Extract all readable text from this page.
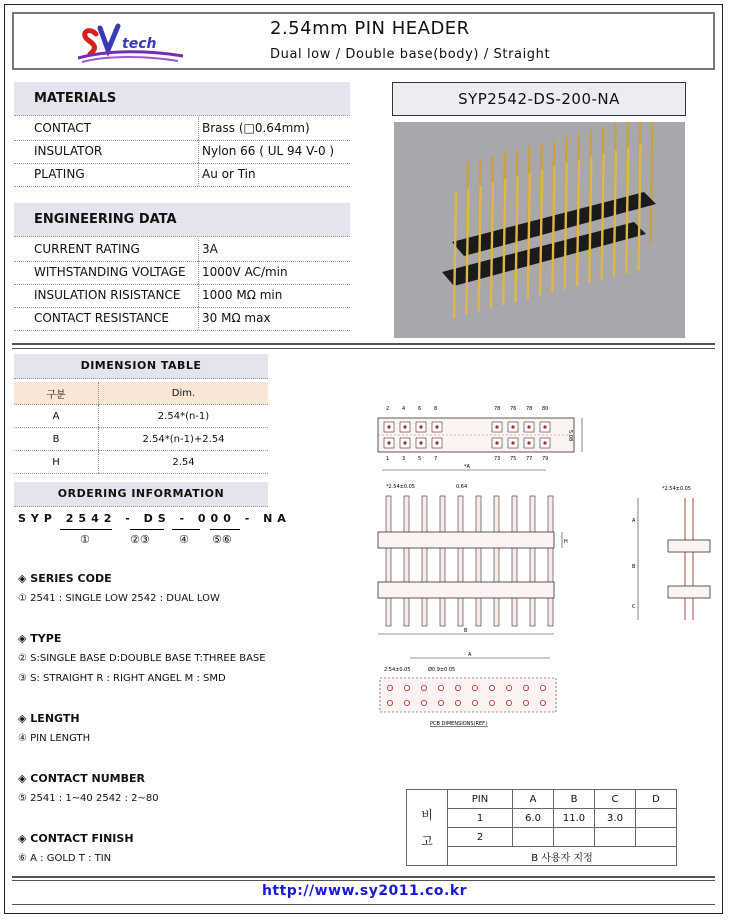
tech
2.54mm PIN HEADER
Dual low / Double base(body) / Straight
MATERIALS
CONTACT	Brass (□0.64mm)
INSULATOR	Nylon 66 ( UL 94 V-0 )
PLATING	Au or Tin
ENGINEERING DATA
CURRENT RATING	3A
WITHSTANDING VOLTAGE	1000V AC/min
INSULATION RISISTANCE	1000 MΩ min
CONTACT RESISTANCE	30 MΩ max
SYP2542-DS-200-NA
DIMENSION TABLE
구분	Dim.
A	2.54*(n-1)
B	2.54*(n-1)+2.54
H	2.54
ORDERING INFORMATION
SYP 2542 - DS - 000 - NA
①	②③	④ ⑤⑥
◈ SERIES CODE
① 2541 : SINGLE LOW 2542 : DUAL LOW
◈ TYPE
② S:SINGLE BASE D:DOUBLE BASE T:THREE BASE
③ S: STRAIGHT R : RIGHT ANGEL M : SMD
◈ LENGTH
④ PIN LENGTH
◈ CONTACT NUMBER
⑤ 2541 : 1~40 2542 : 2~80
◈ CONTACT FINISH
⑥ A : GOLD T : TIN
2
1
4
3
6
5
8
7
78
73
76
75
78
77
80
79
5.08
*A
*2.54±0.05	0.64
H
B
*2.54±0.05
A
B
C
A
2.54±0.05	Ø0.9±0.05
PCB DIMENSIONS(REF.)
비
고	PIN	A	B	C	D
	1	6.0	11.0	3.0	
	2				
	B 사용자 지정				
http://www.sy2011.co.kr
